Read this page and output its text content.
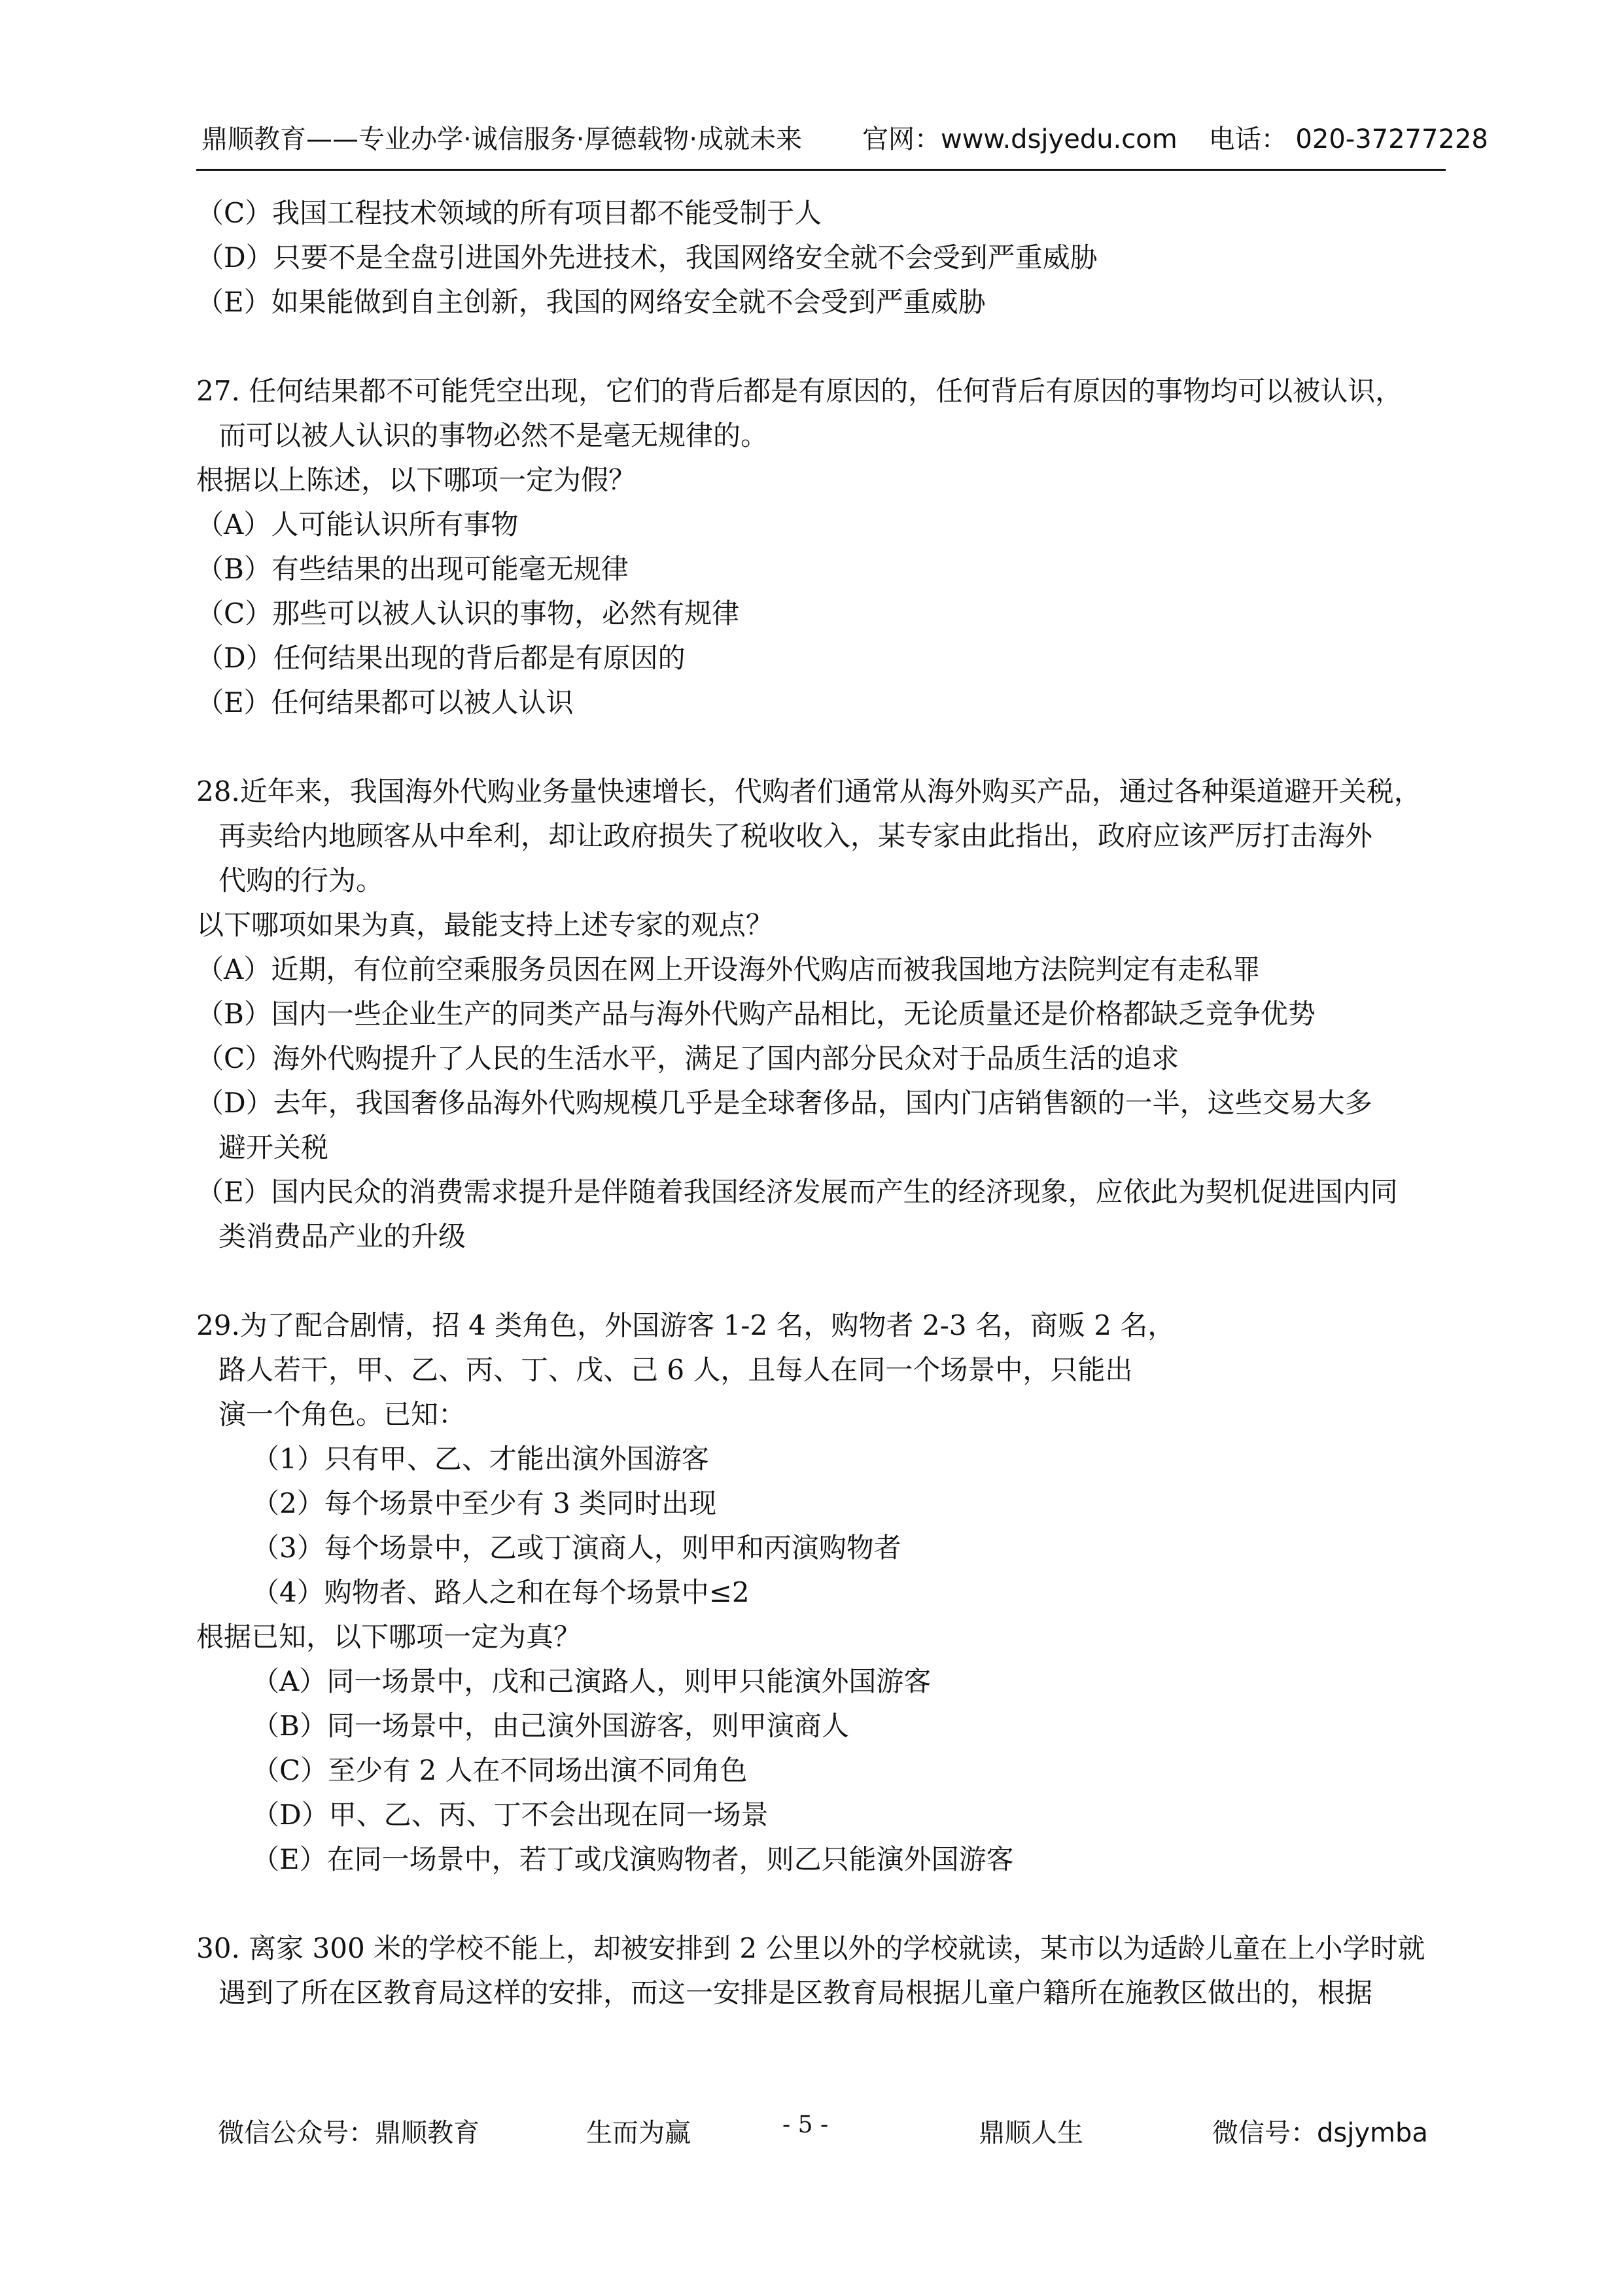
鼎顺教育——专业办学·诚信服务·厚德载物·成就未来 官网：www.dsjyedu.com 电话： 020-37277228
（C）我国工程技术领域的所有项目都不能受制于人
（D）只要不是全盘引进国外先进技术，我国网络安全就不会受到严重威胁
（E）如果能做到自主创新，我国的网络安全就不会受到严重威胁
27. 任何结果都不可能凭空出现，它们的背后都是有原因的，任何背后有原因的事物均可以被认识，
而可以被人认识的事物必然不是毫无规律的。
根据以上陈述，以下哪项一定为假？
（A）人可能认识所有事物
（B）有些结果的出现可能毫无规律
（C）那些可以被人认识的事物，必然有规律
（D）任何结果出现的背后都是有原因的
（E）任何结果都可以被人认识
28.近年来，我国海外代购业务量快速增长，代购者们通常从海外购买产品，通过各种渠道避开关税，
再卖给内地顾客从中牟利，却让政府损失了税收收入，某专家由此指出，政府应该严厉打击海外
代购的行为。
以下哪项如果为真，最能支持上述专家的观点？
（A）近期，有位前空乘服务员因在网上开设海外代购店而被我国地方法院判定有走私罪
（B）国内一些企业生产的同类产品与海外代购产品相比，无论质量还是价格都缺乏竞争优势
（C）海外代购提升了人民的生活水平，满足了国内部分民众对于品质生活的追求
（D）去年，我国奢侈品海外代购规模几乎是全球奢侈品，国内门店销售额的一半，这些交易大多
避开关税
（E）国内民众的消费需求提升是伴随着我国经济发展而产生的经济现象，应依此为契机促进国内同
类消费品产业的升级
29.为了配合剧情，招 4 类角色，外国游客 1-2 名，购物者 2-3 名，商贩 2 名，
路人若干，甲、乙、丙、丁、戊、己 6 人，且每人在同一个场景中，只能出
演一个角色。已知：
（1）只有甲、乙、才能出演外国游客
（2）每个场景中至少有 3 类同时出现
（3）每个场景中，乙或丁演商人，则甲和丙演购物者
（4）购物者、路人之和在每个场景中≤2
根据已知，以下哪项一定为真？
（A）同一场景中，戊和己演路人，则甲只能演外国游客
（B）同一场景中，由己演外国游客，则甲演商人
（C）至少有 2 人在不同场出演不同角色
（D）甲、乙、丙、丁不会出现在同一场景
（E）在同一场景中，若丁或戊演购物者，则乙只能演外国游客
30. 离家 300 米的学校不能上，却被安排到 2 公里以外的学校就读，某市以为适龄儿童在上小学时就
遇到了所在区教育局这样的安排，而这一安排是区教育局根据儿童户籍所在施教区做出的，根据
微信公众号：鼎顺教育	生而为赢	- 5 -	鼎顺人生	微信号：dsjymba
